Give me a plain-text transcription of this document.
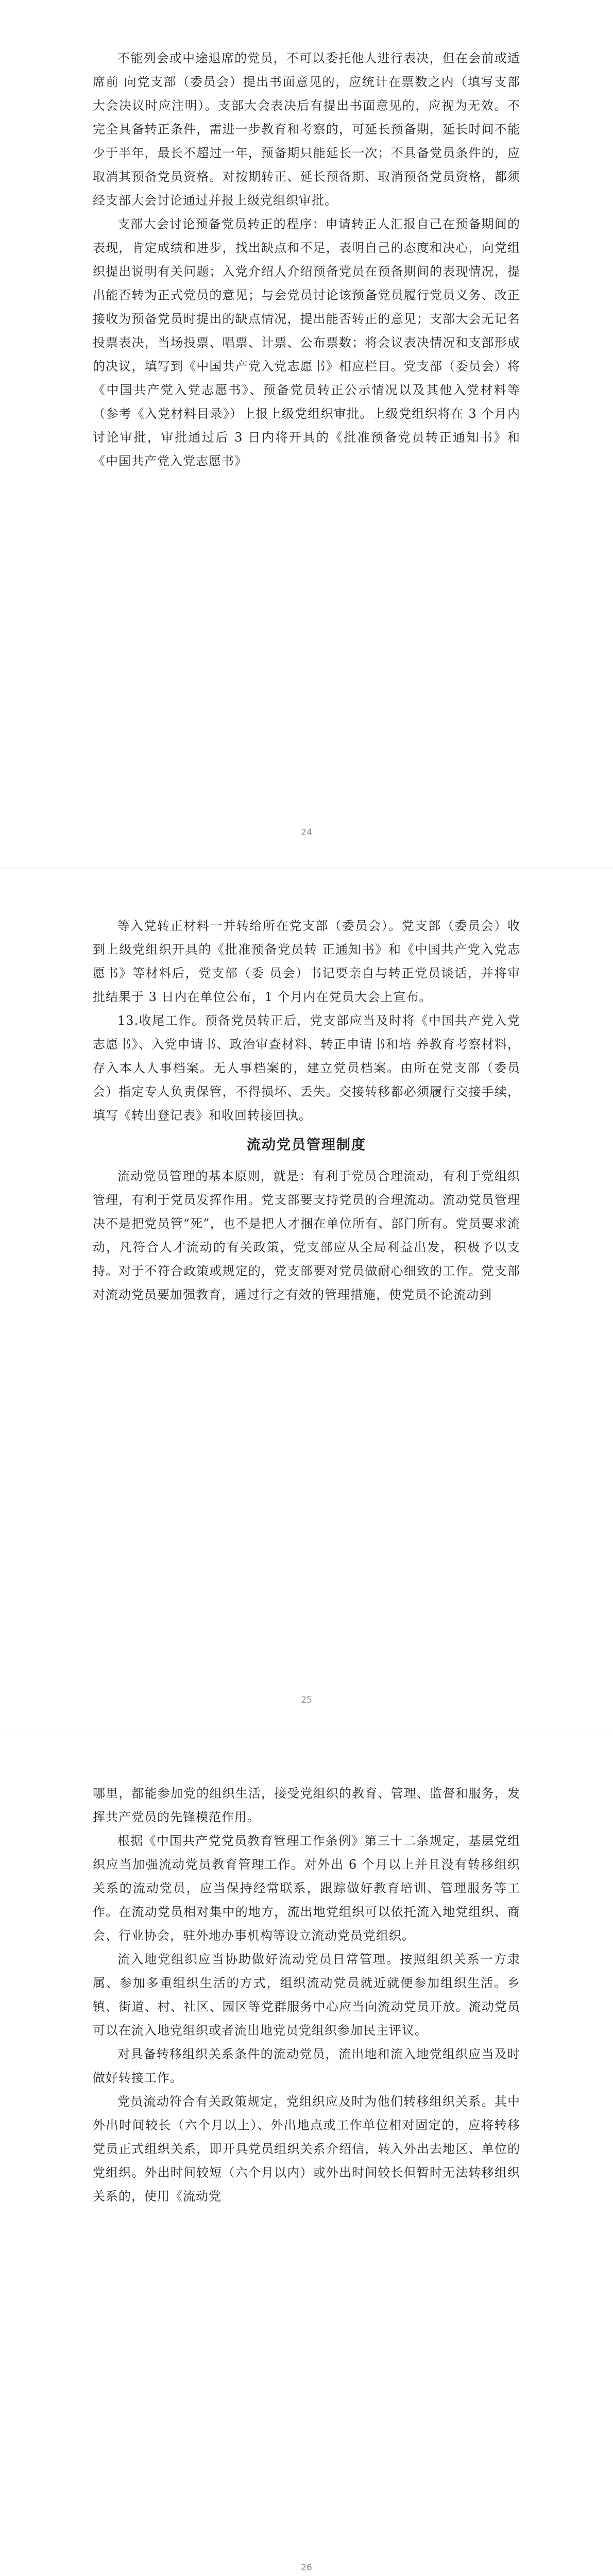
不能列会或中途退席的党员，不可以委托他人进行表决，但在会前或适席前 向党支部（委员会）提出书面意见的，应统计在票数之内（填写支部大会决议时应注明）。支部大会表决后有提出书面意见的，应视为无效。不完全具备转正条件，需进一步教育和考察的，可延长预备期，延长时间不能少于半年，最长不超过一年，预备期只能延长一次；不具备党员条件的，应取消其预备党员资格。对按期转正、延长预备期、取消预备党员资格，都须经支部大会讨论通过并报上级党组织审批。

支部大会讨论预备党员转正的程序：申请转正人汇报自己在预备期间的表现，肯定成绩和进步，找出缺点和不足，表明自己的态度和决心，向党组织提出说明有关问题；入党介绍人介绍预备党员在预备期间的表现情况，提出能否转为正式党员的意见；与会党员讨论该预备党员履行党员义务、改正接收为预备党员时提出的缺点情况，提出能否转正的意见；支部大会无记名投票表决，当场投票、唱票、计票、公布票数；将会议表决情况和支部形成的决议，填写到《中国共产党入党志愿书》相应栏目。党支部（委员会）将《中国共产党入党志愿书》、预备党员转正公示情况以及其他入党材料等（参考《入党材料目录》）上报上级党组织审批。上级党组织将在 3 个月内讨论审批，审批通过后 3 日内将开具的《批准预备党员转正通知书》和《中国共产党入党志愿书》

24

等入党转正材料一并转给所在党支部（委员会）。党支部（委员会）收到上级党组织开具的《批准预备党员转 正通知书》和《中国共产党入党志愿书》等材料后，党支部（委 员会）书记要亲自与转正党员谈话，并将审批结果于 3 日内在单位公布，1 个月内在党员大会上宣布。

13.收尾工作。预备党员转正后，党支部应当及时将《中国共产党入党志愿书》、入党申请书、政治审查材料、转正申请书和培 养教育考察材料，存入本人人事档案。无人事档案的，建立党员档案。由所在党支部（委员会）指定专人负责保管，不得损坏、丢失。交接转移都必须履行交接手续，填写《转出登记表》和收回转接回执。

流动党员管理制度

流动党员管理的基本原则，就是：有利于党员合理流动，有利于党组织管理，有利于党员发挥作用。党支部要支持党员的合理流动。流动党员管理决不是把党员管“死”，也不是把人才捆在单位所有、部门所有。党员要求流动，凡符合人才流动的有关政策，党支部应从全局利益出发，积极予以支持。对于不符合政策或规定的，党支部要对党员做耐心细致的工作。党支部对流动党员要加强教育，通过行之有效的管理措施，使党员不论流动到

25

哪里，都能参加党的组织生活，接受党组织的教育、管理、监督和服务，发挥共产党员的先锋模范作用。

根据《中国共产党党员教育管理工作条例》第三十二条规定，基层党组织应当加强流动党员教育管理工作。对外出 6 个月以上并且没有转移组织关系的流动党员，应当保持经常联系，跟踪做好教育培训、管理服务等工作。在流动党员相对集中的地方，流出地党组织可以依托流入地党组织、商会、行业协会，驻外地办事机构等设立流动党员党组织。

流入地党组织应当协助做好流动党员日常管理。按照组织关系一方隶属、参加多重组织生活的方式，组织流动党员就近就便参加组织生活。乡镇、街道、村、社区、园区等党群服务中心应当向流动党员开放。流动党员可以在流入地党组织或者流出地党员党组织参加民主评议。

对具备转移组织关系条件的流动党员，流出地和流入地党组织应当及时做好转接工作。

党员流动符合有关政策规定，党组织应及时为他们转移组织关系。其中外出时间较长（六个月以上）、外出地点或工作单位相对固定的，应将转移党员正式组织关系，即开具党员组织关系介绍信，转入外出去地区、单位的党组织。外出时间较短（六个月以内）或外出时间较长但暂时无法转移组织关系的，使用《流动党

26
